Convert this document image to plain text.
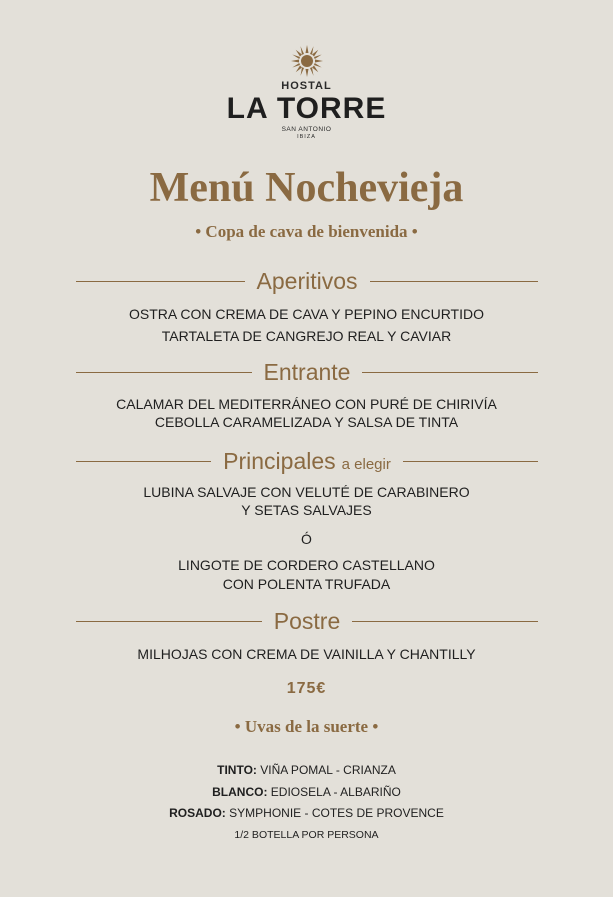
HOSTAL
LA TORRE
SAN ANTONIO
IBIZA
Menú Nochevieja
• Copa de cava de bienvenida •
Aperitivos
OSTRA CON CREMA DE CAVA Y PEPINO ENCURTIDO
TARTALETA DE CANGREJO REAL Y CAVIAR
Entrante
CALAMAR DEL MEDITERRÁNEO CON PURÉ DE CHIRIVÍA
CEBOLLA CARAMELIZADA Y SALSA DE TINTA
Principales a elegir
LUBINA SALVAJE CON VELUTÉ DE CARABINERO
Y SETAS SALVAJES
Ó
LINGOTE DE CORDERO CASTELLANO
CON POLENTA TRUFADA
Postre
MILHOJAS CON CREMA DE VAINILLA Y CHANTILLY
175€
• Uvas de la suerte •
TINTO: VIÑA POMAL - CRIANZA
BLANCO: EDIOSELA - ALBARIÑO
ROSADO: SYMPHONIE - COTES DE PROVENCE
1/2 BOTELLA POR PERSONA
